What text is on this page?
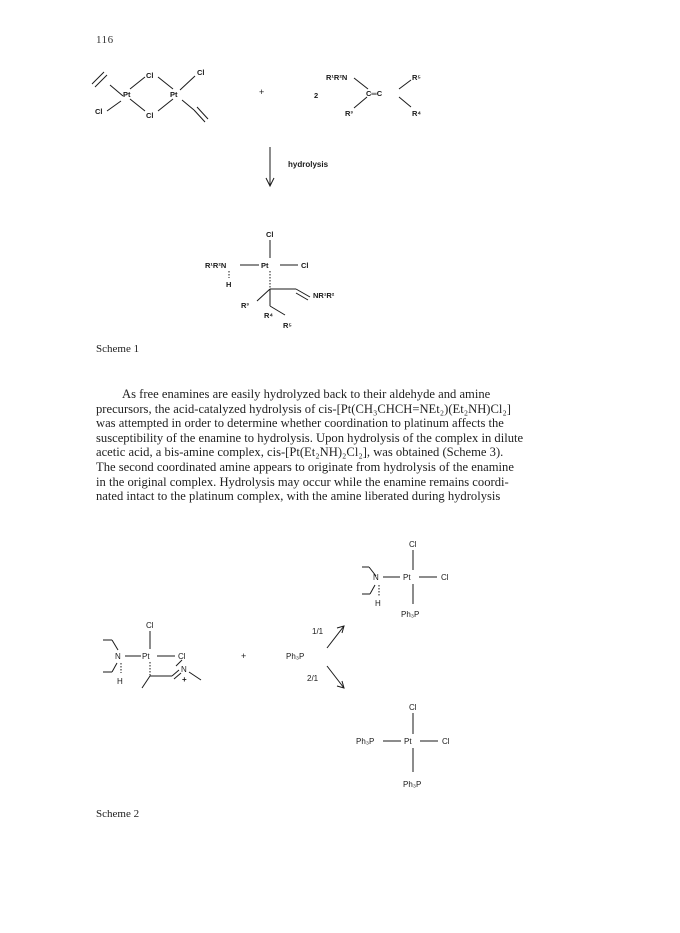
116
Pt	Pt
Cl
Cl
Cl
Cl
+	2
R¹R²N
C═C
R⁵
R³	R⁴
hydrolysis
Cl
R¹R²N	Pt	Cl
H
R³
NR¹R²
R⁴
R⁵
Scheme 1

As free enamines are easily hydrolyzed back to their aldehyde and amine

precursors, the acid-catalyzed hydrolysis of cis-[Pt(CH₃CHCH=NEt₂)(Et₂NH)Cl₂]
was attempted in order to determine whether coordination to platinum affects the
susceptibility of the enamine to hydrolysis. Upon hydrolysis of the complex in dilute
acetic acid, a bis-amine complex, cis-[Pt(Et₂NH)₂Cl₂], was obtained (Scheme 3).
The second coordinated amine appears to originate from hydrolysis of the enamine
in the original complex. Hydrolysis may occur while the enamine remains coordi-
nated intact to the platinum complex, with the amine liberated during hydrolysis
Cl
N	Pt	Cl
H
N
+
+	Ph₃P
1/1
2/1
Cl
N	Pt	Cl
H
Ph₃P
Cl
Ph₃P	Pt	Cl
Ph₃P
Scheme 2
